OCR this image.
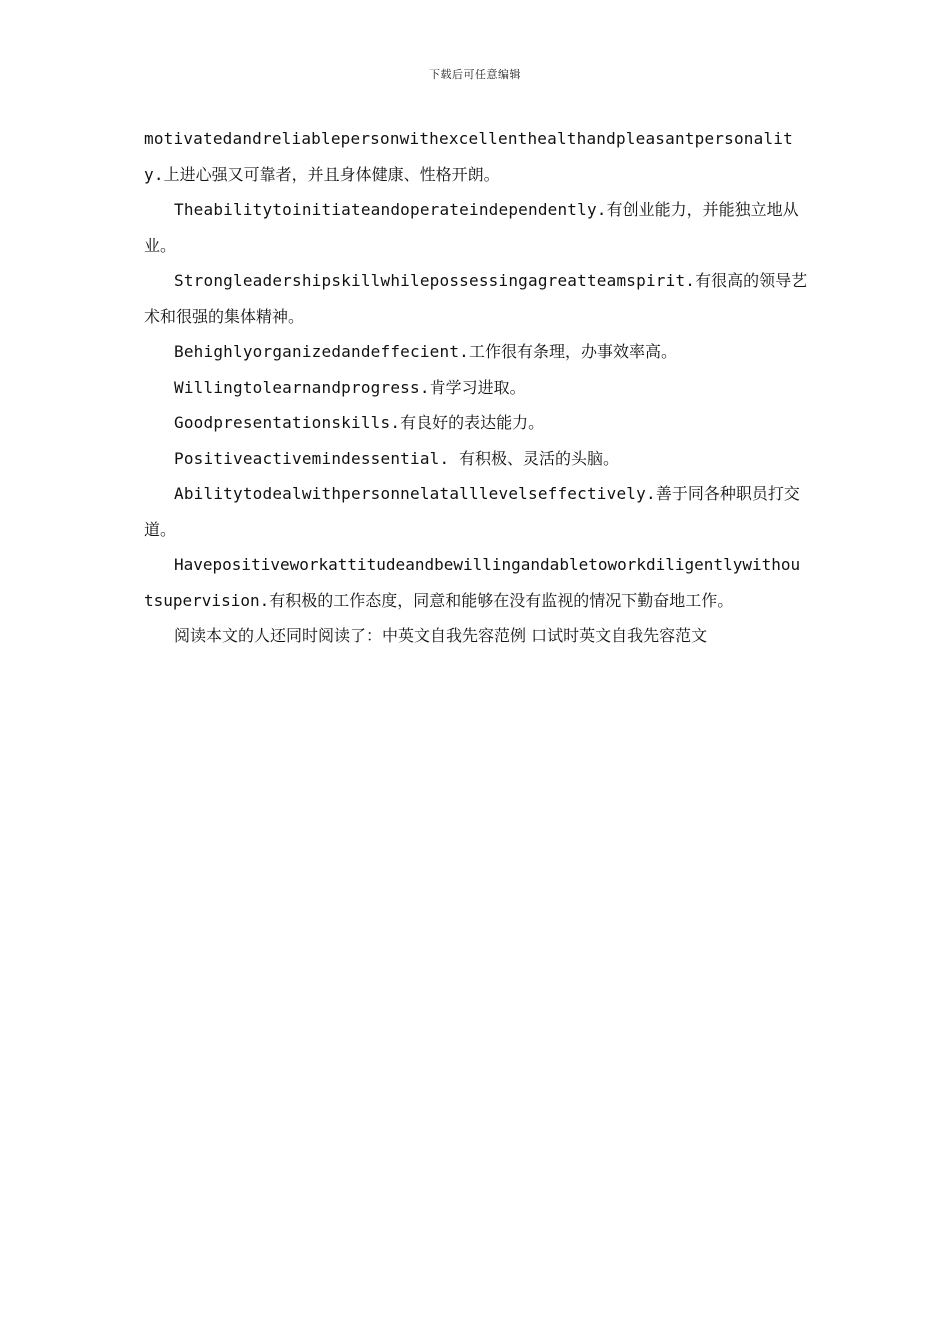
下载后可任意编辑

motivatedandreliablepersonwithexcellenthealthandpleasantpersonality.上进心强又可靠者，并且身体健康、性格开朗。

Theabilitytoinitiateandoperateindependently.有创业能力，并能独立地从业。

Strongleadershipskillwhilepossessingagreatteamspirit.有很高的领导艺术和很强的集体精神。

Behighlyorganizedandeffecient.工作很有条理，办事效率高。

Willingtolearnandprogress.肯学习进取。

Goodpresentationskills.有良好的表达能力。

Positiveactivemindessential. 有积极、灵活的头脑。

Abilitytodealwithpersonnelatalllevelseffectively.善于同各种职员打交道。

Havepositiveworkattitudeandbewillingandabletoworkdiligentlywithoutsupervision.有积极的工作态度，同意和能够在没有监视的情况下勤奋地工作。

阅读本文的人还同时阅读了：中英文自我先容范例 口试时英文自我先容范文
